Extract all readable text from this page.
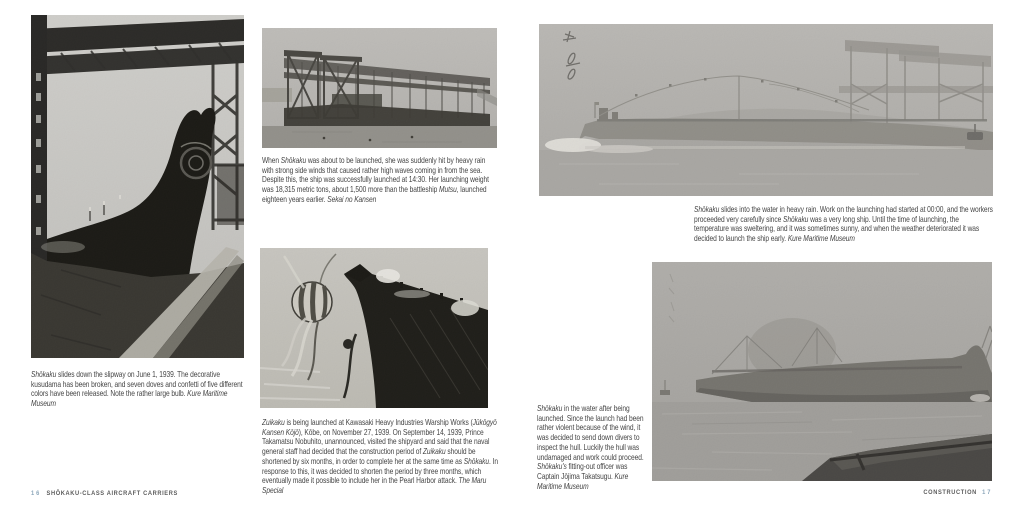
When Shōkaku was about to be launched, she was suddenly hit by heavy rain with strong side winds that caused rather high waves coming in from the sea. Despite this, the ship was successfully launched at 14:30. Her launching weight was 18,315 metric tons, about 1,500 more than the battleship Mutsu, launched eighteen years earlier. Sekai no Kansen
Zuikaku is being launched at Kawasaki Heavy Industries Warship Works (Jūkōgyō Kansen Kōjō), Kōbe, on November 27, 1939. On September 14, 1939, Prince Takamatsu Nobuhito, unannounced, visited the shipyard and said that the naval general staff had decided that the construction period of Zuikaku should be shortened by six months, in order to complete her at the same time as Shōkaku. In response to this, it was decided to shorten the period by three months, which eventually made it possible to include her in the Pearl Harbor attack. The Maru Special
Shōkaku slides down the slipway on June 1, 1939. The decorative kusudama has been broken, and seven doves and confetti of five different colors have been released. Note the rather large bulb. Kure Maritime Museum
16 SHŌKAKU-CLASS AIRCRAFT CARRIERS
Shōkaku slides into the water in heavy rain. Work on the launching had started at 00:00, and the workers proceeded very carefully since Shōkaku was a very long ship. Until the time of launching, the temperature was sweltering, and it was sometimes sunny, and when the weather deteriorated it was decided to launch the ship early. Kure Maritime Museum
Shōkaku in the water after being launched. Since the launch had been rather violent because of the wind, it was decided to send down divers to inspect the hull. Luckily the hull was undamaged and work could proceed. Shōkaku's fitting-out officer was Captain Jōjima Takatsugu. Kure Maritime Museum
CONSTRUCTION 17
